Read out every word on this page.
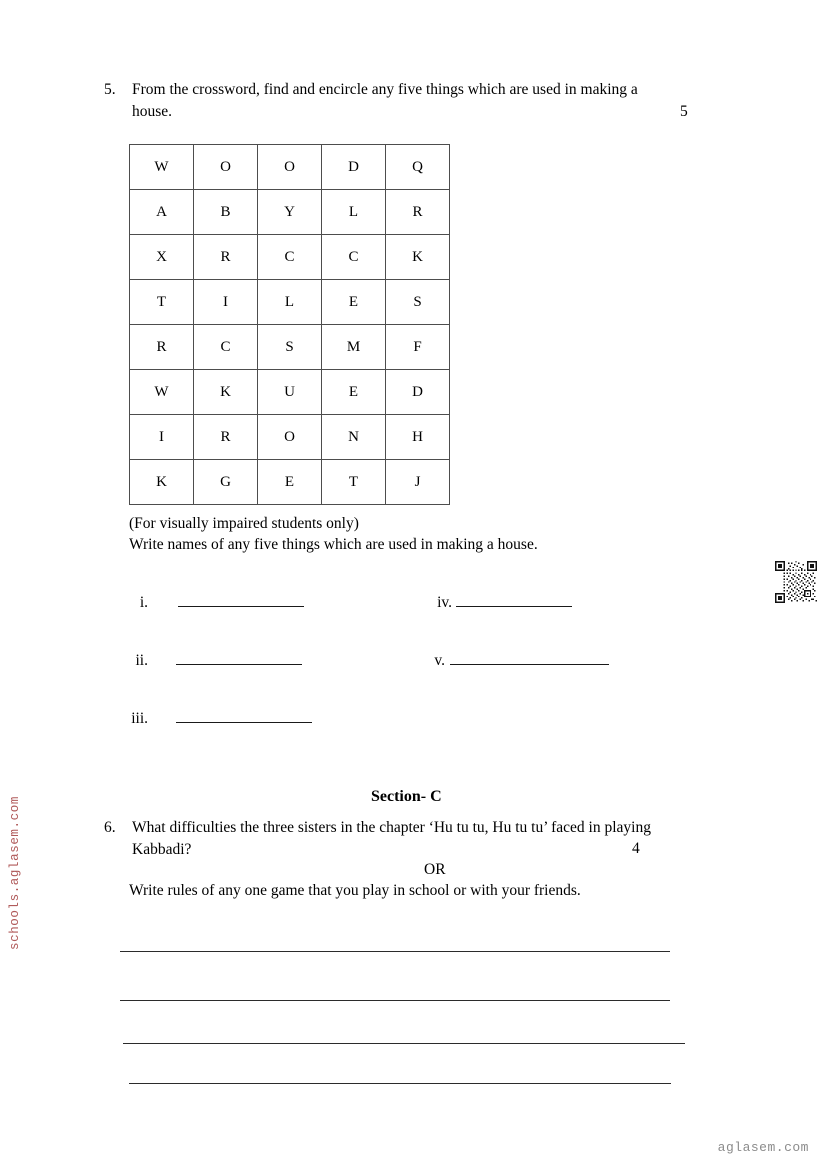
5.	From the crossword, find and encircle any five things which are used in making a
house.	5
W	O	O	D	Q
A	B	Y	L	R
X	R	C	C	K
T	I	L	E	S
R	C	S	M	F
W	K	U	E	D
I	R	O	N	H
K	G	E	T	J
(For visually impaired students only)
Write names of any five things which are used in making a house.
i.
ii.
iii.
iv.
v.
Section- C
6.	What difficulties the three sisters in the chapter ‘Hu tu tu, Hu tu tu’ faced in playing
Kabbadi?	4
OR
Write rules of any one game that you play in school or with your friends.
schools.aglasem.com
aglasem.com
